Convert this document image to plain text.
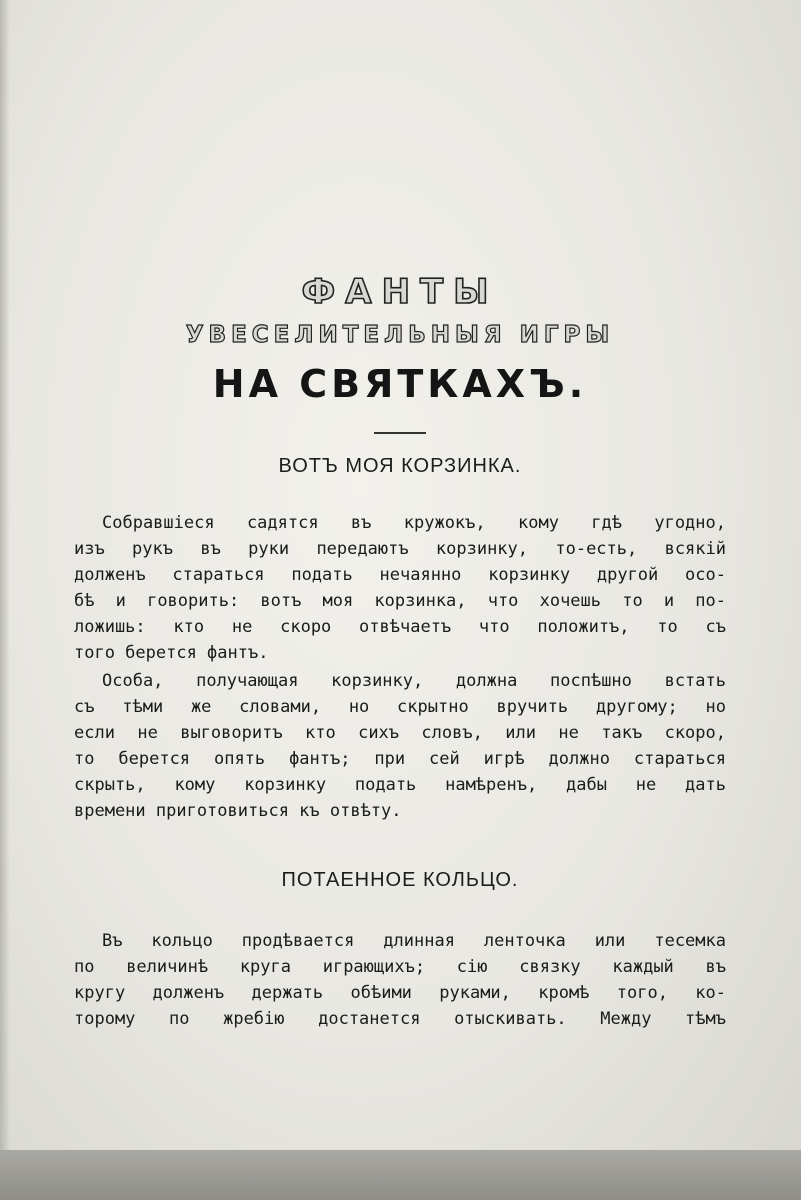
ФАНТЫ
УВЕСЕЛИТЕЛЬНЫЯ ИГРЫ
НА СВЯТКАХЪ.
ВОТЪ МОЯ КОРЗИНКА.
Собравшіеся садятся въ кружокъ, кому гдѣ угодно,
изъ рукъ въ руки передаютъ корзинку, то-есть, всякій
долженъ стараться подать нечаянно корзинку другой осо-
бѣ и говорить: вотъ моя корзинка, что хочешь то и по-
ложишь: кто не скоро отвѣчаетъ что положитъ, то съ
того берется фантъ.
Особа, получающая корзинку, должна поспѣшно встать
съ тѣми же словами, но скрытно вручить другому; но
если не выговоритъ кто сихъ словъ, или не такъ скоро,
то берется опять фантъ; при сей игрѣ должно стараться
скрыть, кому корзинку подать намѣренъ, дабы не дать
времени приготовиться къ отвѣту.
ПОТАЕННОЕ КОЛЬЦО.
Въ кольцо продѣвается длинная ленточка или тесемка
по величинѣ круга играющихъ; сію связку каждый въ
кругу долженъ держать обѣими руками, кромѣ того, ко-
торому по жребію достанется отыскивать. Между тѣмъ
